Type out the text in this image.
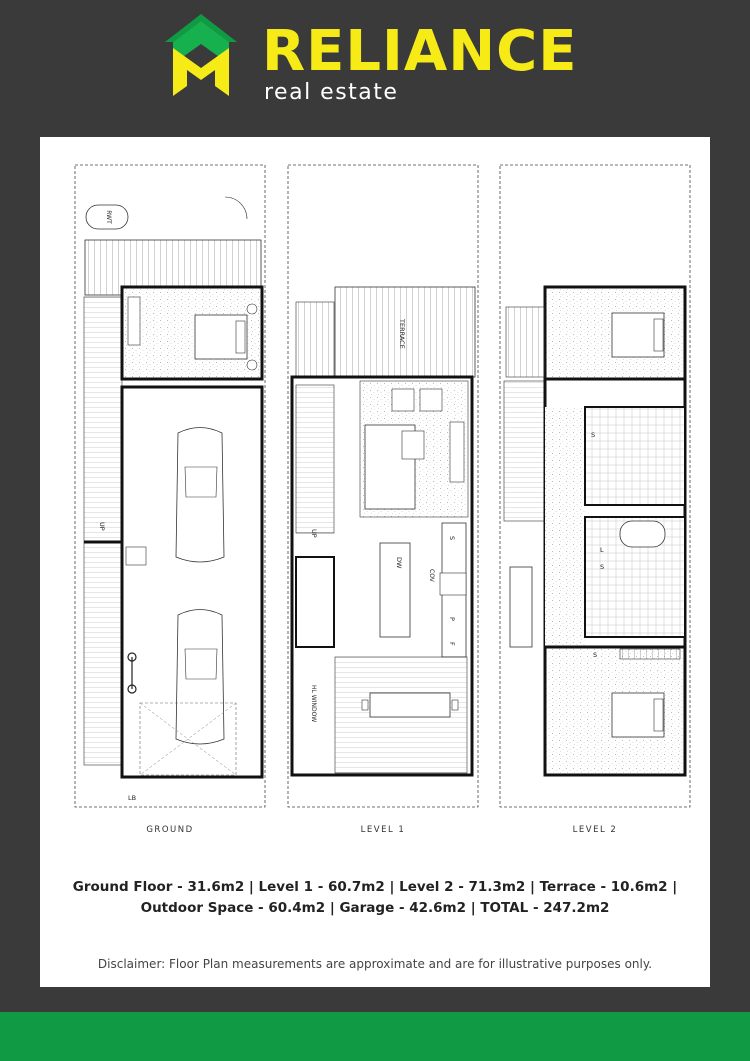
RELIANCE
real estate
RWT
UP
LB
TERRACE
UP
DW
S
COV
P
F
HL WINDOW
S
L
S
S
GROUND	LEVEL 1	LEVEL 2
Ground Floor - 31.6m2 | Level 1 - 60.7m2 | Level 2 - 71.3m2 | Terrace - 10.6m2 |
Outdoor Space - 60.4m2 | Garage - 42.6m2 | TOTAL - 247.2m2
Disclaimer: Floor Plan measurements are approximate and are for illustrative purposes only.
